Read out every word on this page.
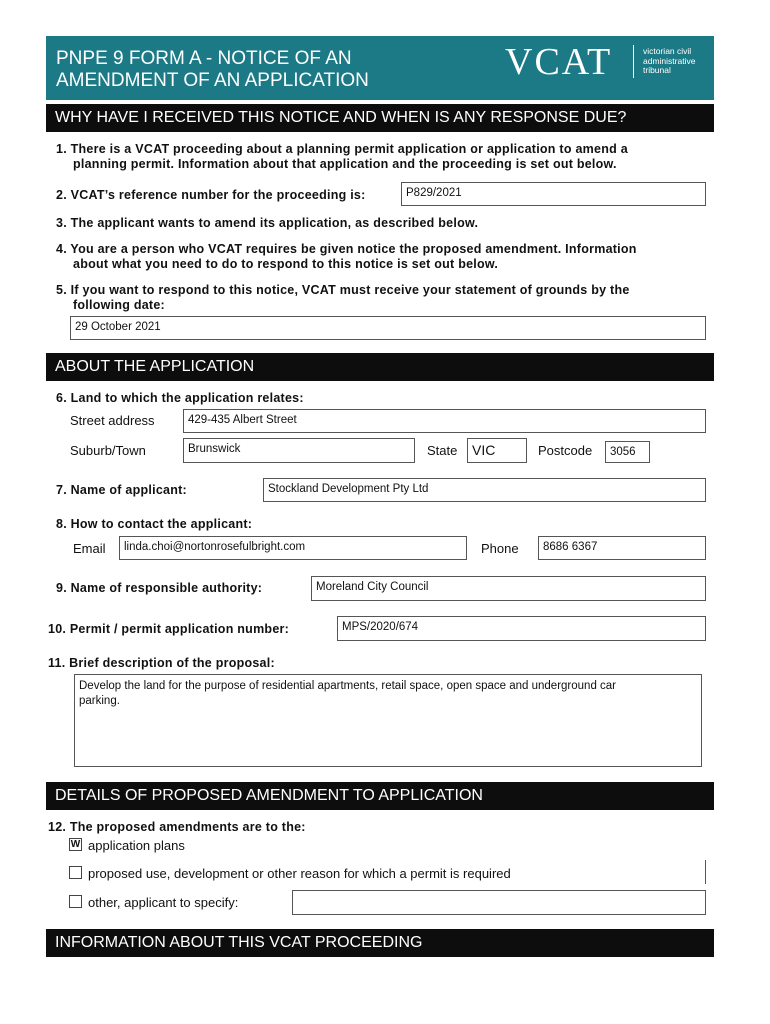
PNPE 9 FORM A - NOTICE OF AN
AMENDMENT OF AN APPLICATION	VCAT	victorian civil
administrative
tribunal
WHY HAVE I RECEIVED THIS NOTICE AND WHEN IS ANY RESPONSE DUE?
1. There is a VCAT proceeding about a planning permit application or application to amend a
planning permit. Information about that application and the proceeding is set out below.
2. VCAT’s reference number for the proceeding is:	P829/2021
3. The applicant wants to amend its application, as described below.
4. You are a person who VCAT requires be given notice the proposed amendment. Information
about what you need to do to respond to this notice is set out below.
5. If you want to respond to this notice, VCAT must receive your statement of grounds by the
following date:
29 October 2021
ABOUT THE APPLICATION
6. Land to which the application relates:
Street address	429-435 Albert Street
Suburb/Town	Brunswick	State	VIC	Postcode	3056
7. Name of applicant:	Stockland Development Pty Ltd
8. How to contact the applicant:
Email	linda.choi@nortonrosefulbright.com	Phone	8686 6367
9. Name of responsible authority:	Moreland City Council
10. Permit / permit application number:	MPS/2020/674
11. Brief description of the proposal:
Develop the land for the purpose of residential apartments, retail space, open space and underground car
parking.
DETAILS OF PROPOSED AMENDMENT TO APPLICATION
12. The proposed amendments are to the:
W application plans
proposed use, development or other reason for which a permit is required
other, applicant to specify:
INFORMATION ABOUT THIS VCAT PROCEEDING
